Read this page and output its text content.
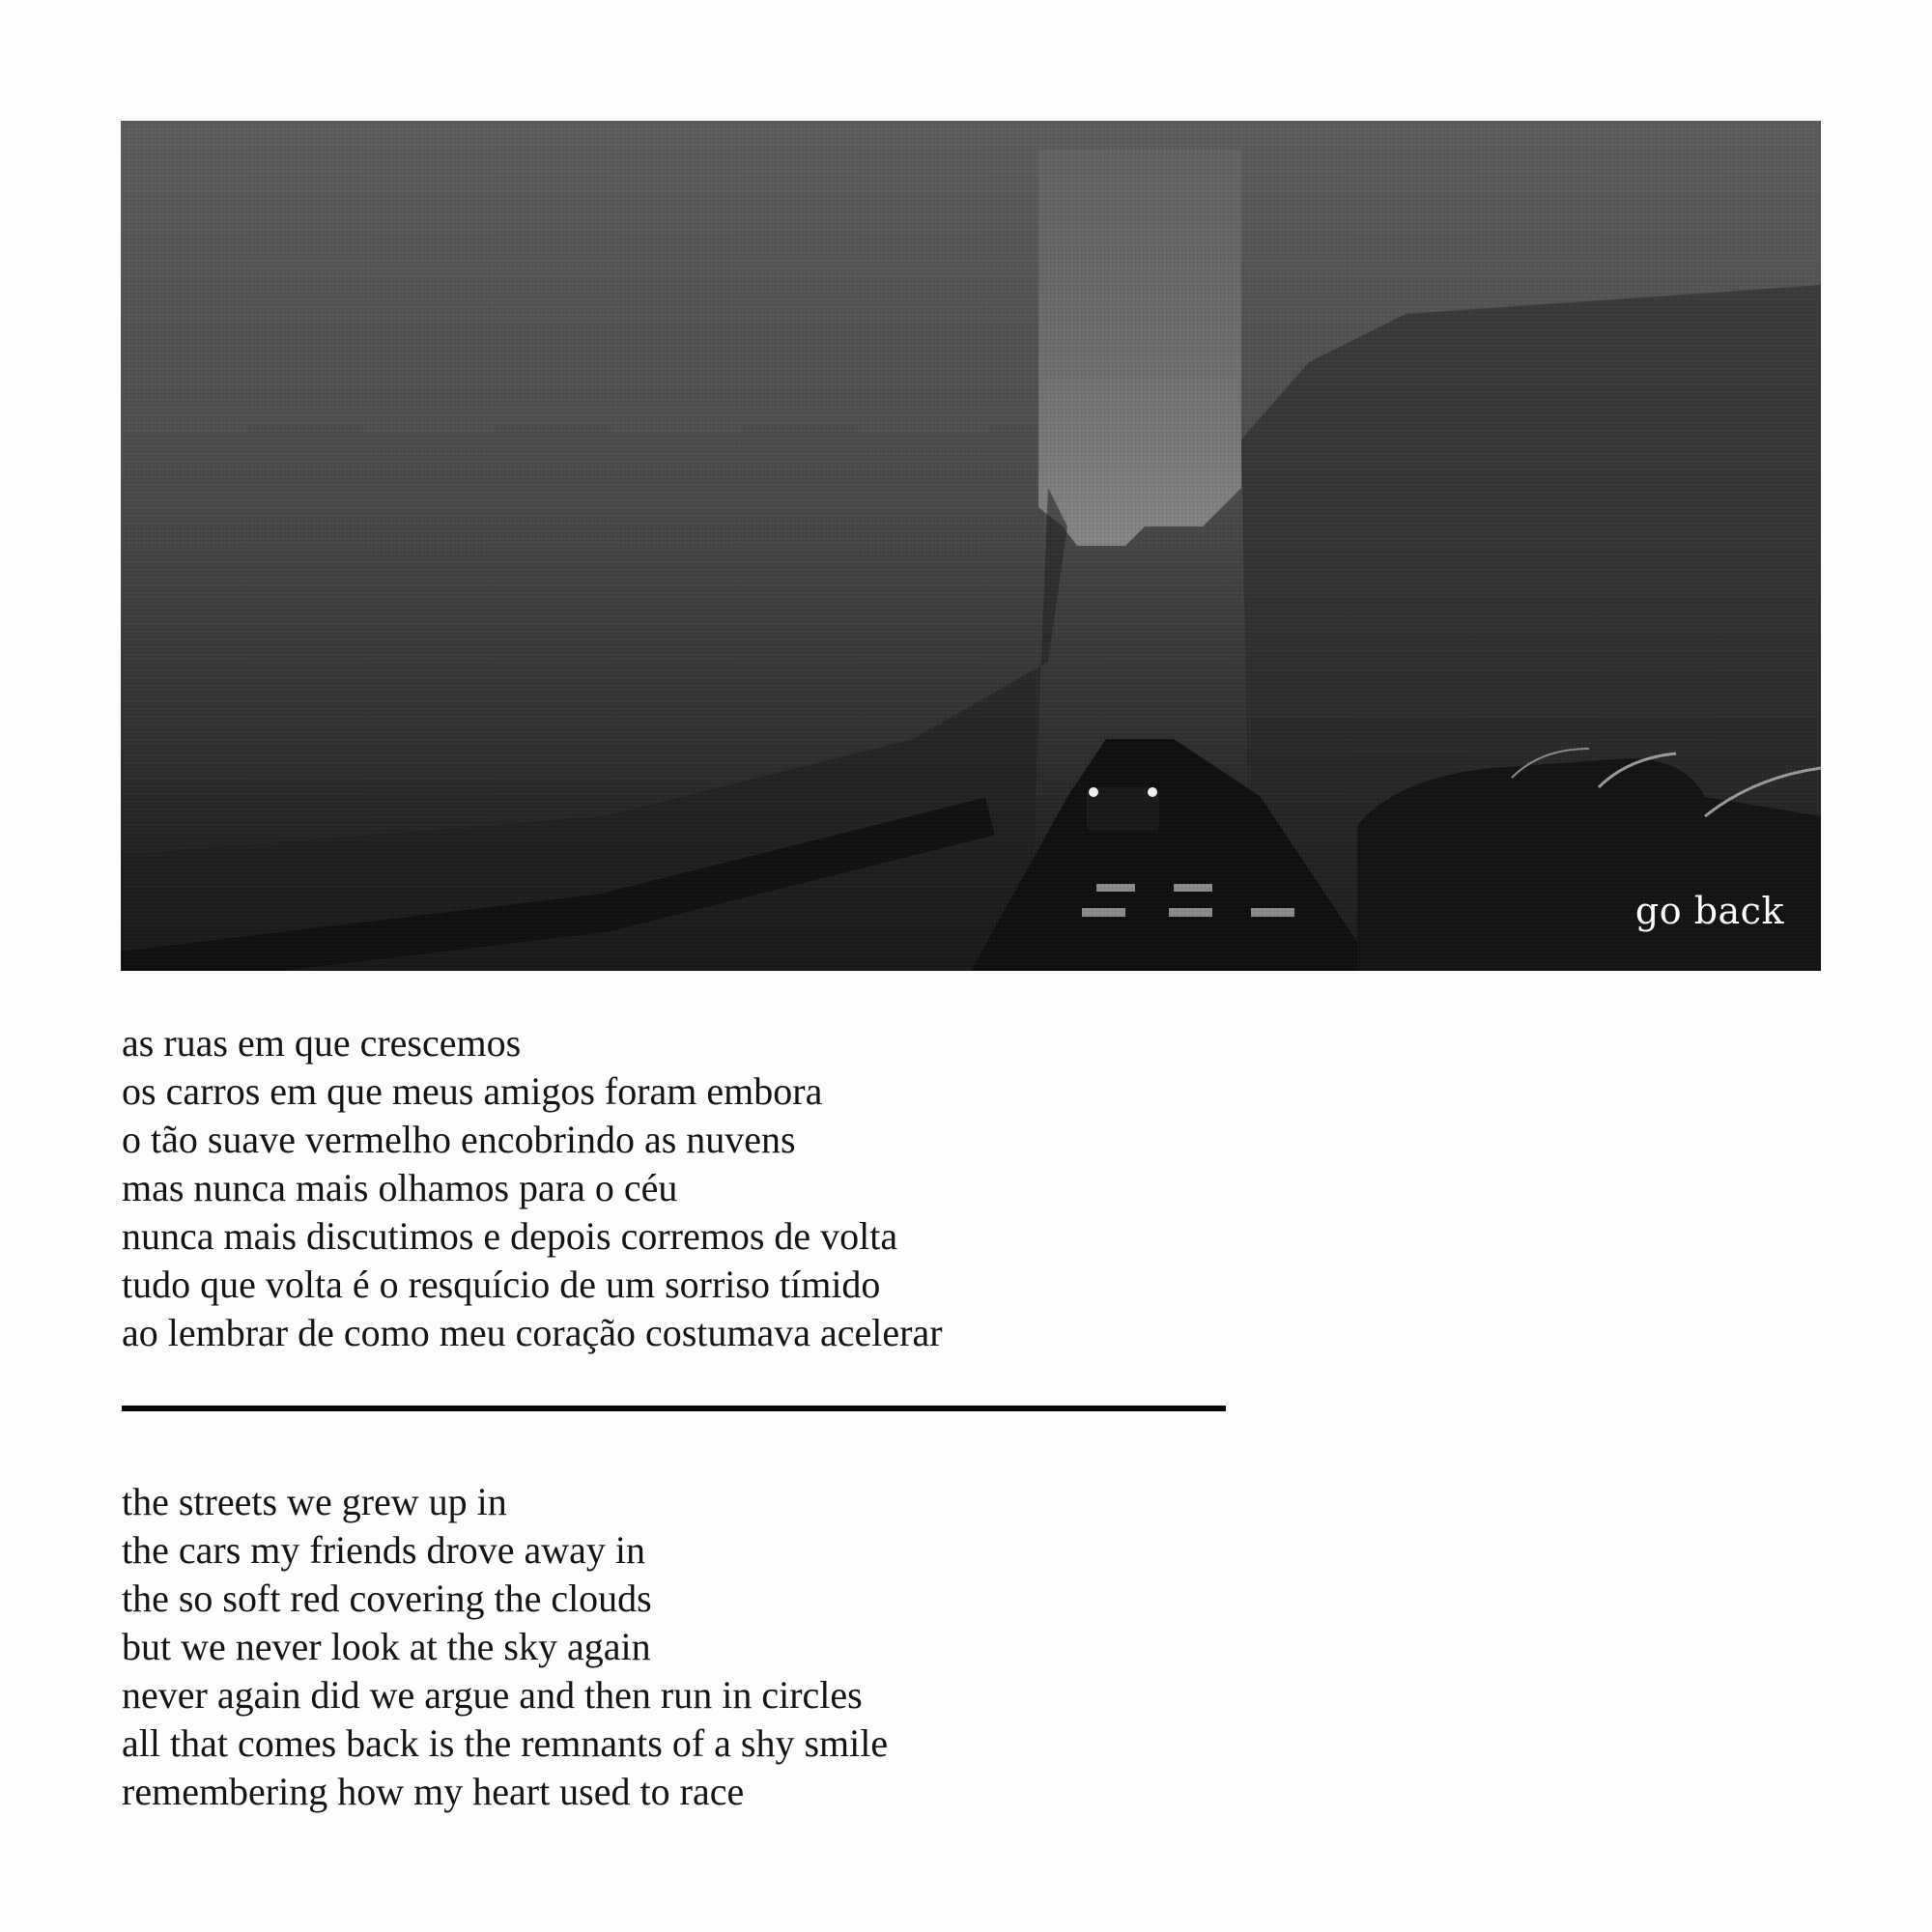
go back
as ruas em que crescemos
os carros em que meus amigos foram embora
o tão suave vermelho encobrindo as nuvens
mas nunca mais olhamos para o céu
nunca mais discutimos e depois corremos de volta
tudo que volta é o resquício de um sorriso tímido
ao lembrar de como meu coração costumava acelerar
the streets we grew up in
the cars my friends drove away in
the so soft red covering the clouds
but we never look at the sky again
never again did we argue and then run in circles
all that comes back is the remnants of a shy smile
remembering how my heart used to race
